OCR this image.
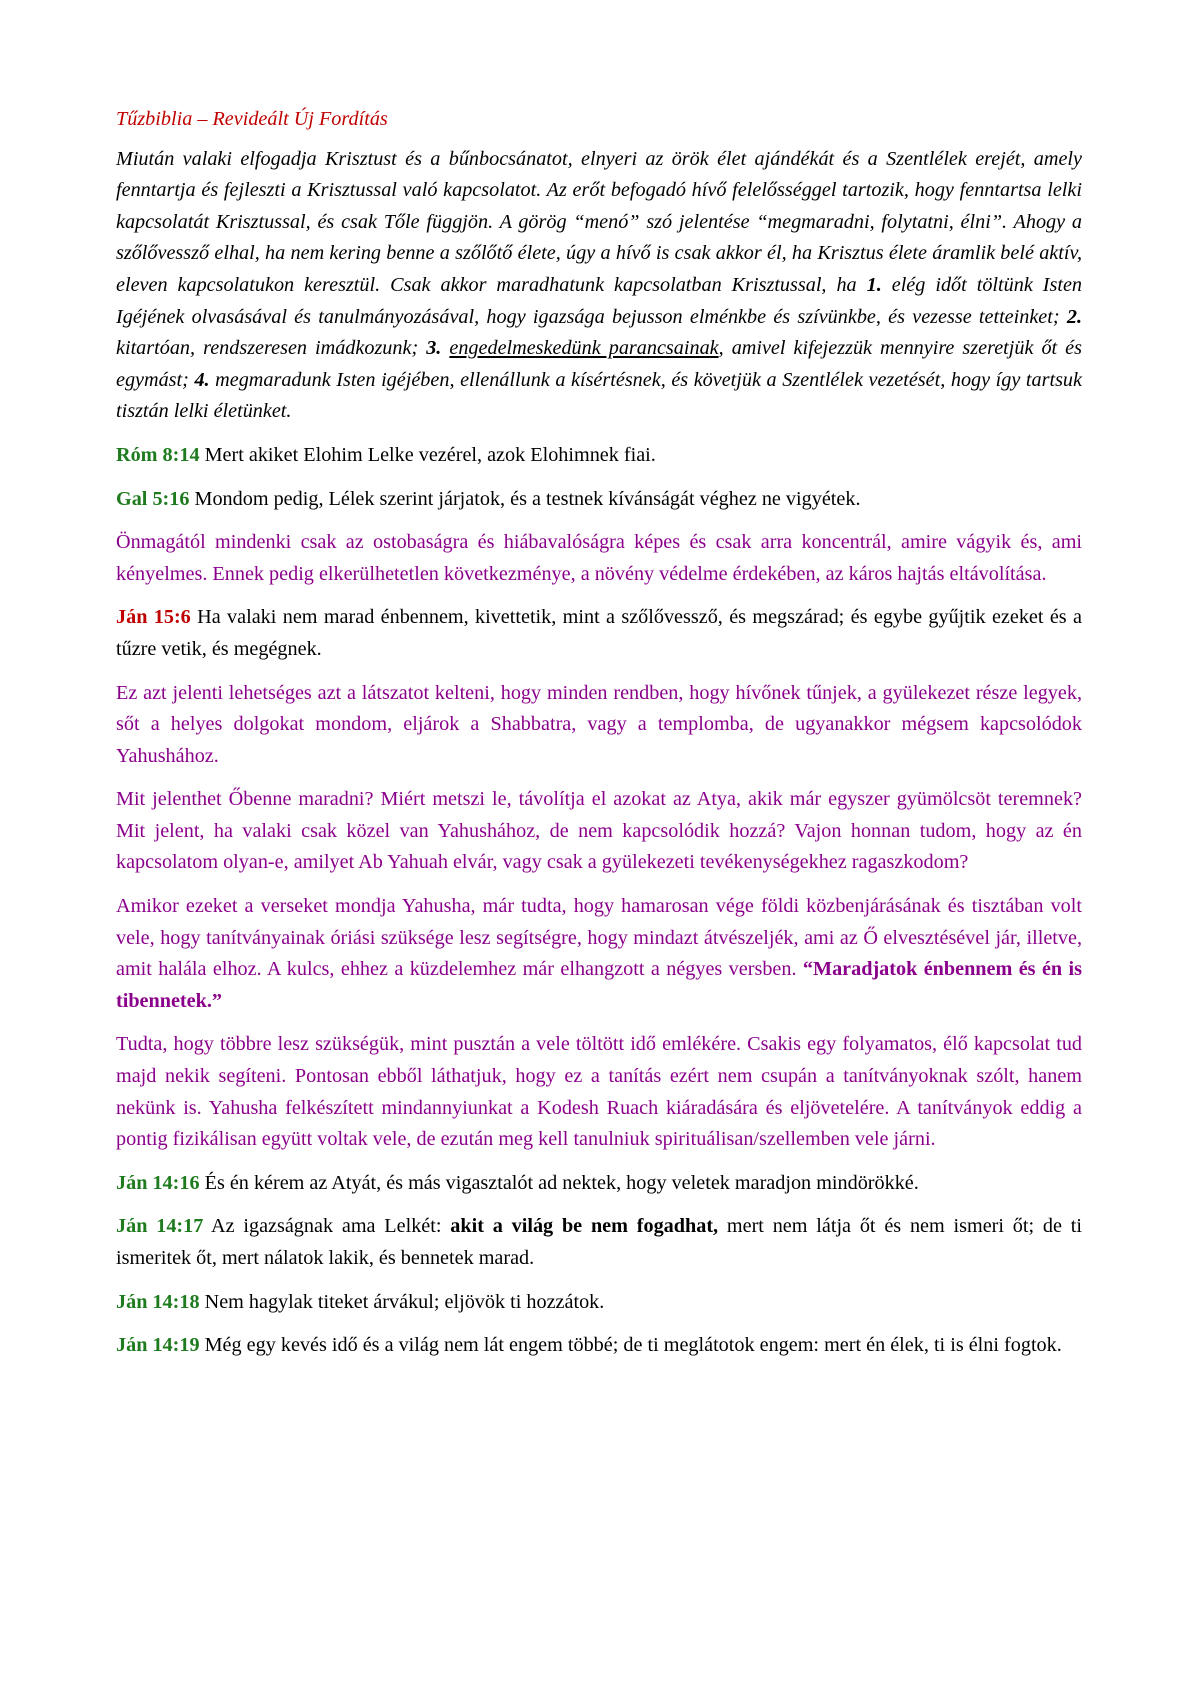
Tűzbiblia – Revideált Új Fordítás

Miután valaki elfogadja Krisztust és a bűnbocsánatot, elnyeri az örök élet ajándékát és a Szentlélek erejét, amely fenntartja és fejleszti a Krisztussal való kapcsolatot. Az erőt befogadó hívő felelősséggel tartozik, hogy fenntartsa lelki kapcsolatát Krisztussal, és csak Tőle függjön. A görög “menó” szó jelentése “megmaradni, folytatni, élni”. Ahogy a szőlővessző elhal, ha nem kering benne a szőlőtő élete, úgy a hívő is csak akkor él, ha Krisztus élete áramlik belé aktív, eleven kapcsolatukon keresztül. Csak akkor maradhatunk kapcsolatban Krisztussal, ha 1. elég időt töltünk Isten Igéjének olvasásával és tanulmányozásával, hogy igazsága bejusson elménkbe és szívünkbe, és vezesse tetteinket; 2. kitartóan, rendszeresen imádkozunk; 3. engedelmeskedünk parancsainak, amivel kifejezzük mennyire szeretjük őt és egymást; 4. megmaradunk Isten igéjében, ellenállunk a kísértésnek, és követjük a Szentlélek vezetését, hogy így tartsuk tisztán lelki életünket.

Róm 8:14 Mert akiket Elohim Lelke vezérel, azok Elohimnek fiai.

Gal 5:16 Mondom pedig, Lélek szerint járjatok, és a testnek kívánságát véghez ne vigyétek.

Önmagától mindenki csak az ostobaságra és hiábavalóságra képes és csak arra koncentrál, amire vágyik és, ami kényelmes. Ennek pedig elkerülhetetlen következménye, a növény védelme érdekében, az káros hajtás eltávolítása.

Ján 15:6 Ha valaki nem marad énbennem, kivettetik, mint a szőlővessző, és megszárad; és egybe gyűjtik ezeket és a tűzre vetik, és megégnek.

Ez azt jelenti lehetséges azt a látszatot kelteni, hogy minden rendben, hogy hívőnek tűnjek, a gyülekezet része legyek, sőt a helyes dolgokat mondom, eljárok a Shabbatra, vagy a templomba, de ugyanakkor mégsem kapcsolódok Yahushához.

Mit jelenthet Őbenne maradni? Miért metszi le, távolítja el azokat az Atya, akik már egyszer gyümölcsöt teremnek? Mit jelent, ha valaki csak közel van Yahushához, de nem kapcsolódik hozzá? Vajon honnan tudom, hogy az én kapcsolatom olyan-e, amilyet Ab Yahuah elvár, vagy csak a gyülekezeti tevékenységekhez ragaszkodom?

Amikor ezeket a verseket mondja Yahusha, már tudta, hogy hamarosan vége földi közbenjárásának és tisztában volt vele, hogy tanítványainak óriási szüksége lesz segítségre, hogy mindazt átvészeljék, ami az Ő elvesztésével jár, illetve, amit halála elhoz. A kulcs, ehhez a küzdelemhez már elhangzott a négyes versben. “Maradjatok énbennem és én is tibennetek.”

Tudta, hogy többre lesz szükségük, mint pusztán a vele töltött idő emlékére. Csakis egy folyamatos, élő kapcsolat tud majd nekik segíteni. Pontosan ebből láthatjuk, hogy ez a tanítás ezért nem csupán a tanítványoknak szólt, hanem nekünk is. Yahusha felkészített mindannyiunkat a Kodesh Ruach kiáradására és eljövetelére. A tanítványok eddig a pontig fizikálisan együtt voltak vele, de ezután meg kell tanulniuk spirituálisan/szellemben vele járni.

Ján 14:16 És én kérem az Atyát, és más vigasztalót ad nektek, hogy veletek maradjon mindörökké.

Ján 14:17 Az igazságnak ama Lelkét: akit a világ be nem fogadhat, mert nem látja őt és nem ismeri őt; de ti ismeritek őt, mert nálatok lakik, és bennetek marad.

Ján 14:18 Nem hagylak titeket árvákul; eljövök ti hozzátok.

Ján 14:19 Még egy kevés idő és a világ nem lát engem többé; de ti meglátotok engem: mert én élek, ti is élni fogtok.
